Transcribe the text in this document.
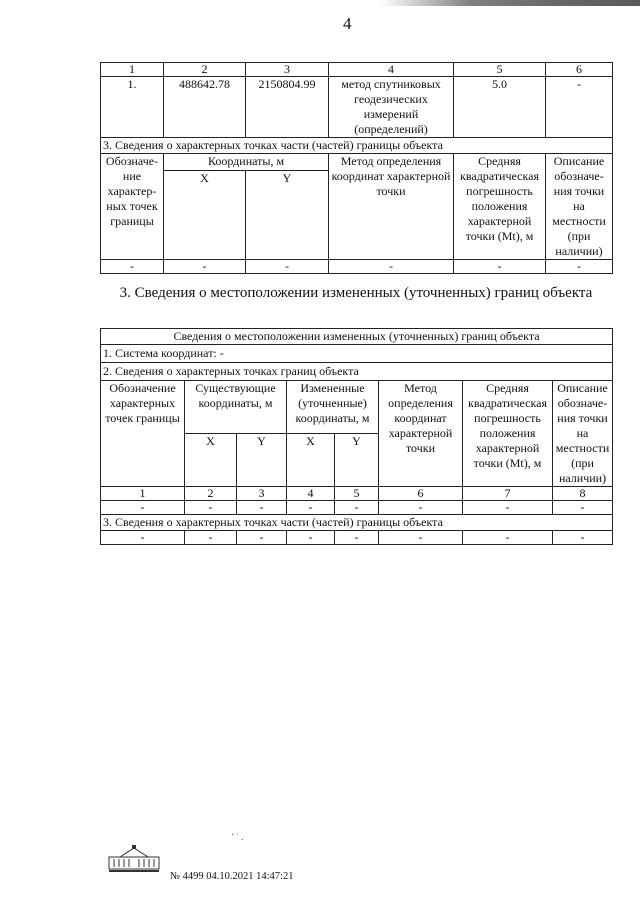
4
1	2	3	4	5	6
1.	488642.78	2150804.99	метод спутниковых геодезических измерений (определений)	5.0	-
3. Сведения о характерных точках части (частей) границы объекта					
Обозначе-ние характер-ных точек границы	Координаты, м		Метод определения координат характерной точки	Средняя квадратическая погрешность положения характерной точки (Mt), м	Описание обозначе-ния точки на местности (при наличии)
	X	Y			
-	-	-	-	-	-
3. Сведения о местоположении измененных (уточненных) границ объекта
Сведения о местоположении измененных (уточненных) границ объекта							
1. Система координат: -							
2. Сведения о характерных точках границ объекта							
Обозначение характерных точек границы	Существующие координаты, м		Измененные (уточненные) координаты, м		Метод определения координат характерной точки	Средняя квадратическая погрешность положения характерной точки (Mt), м	Описание обозначе-ния точки на местности (при наличии)
	X	Y	X	Y			
1	2	3	4	5	6	7	8
-	-	-	-	-	-	-	-
3. Сведения о характерных точках части (частей) границы объекта							
-	-	-	-	-	-	-	-
' ˙ .
№ 4499 04.10.2021 14:47:21
